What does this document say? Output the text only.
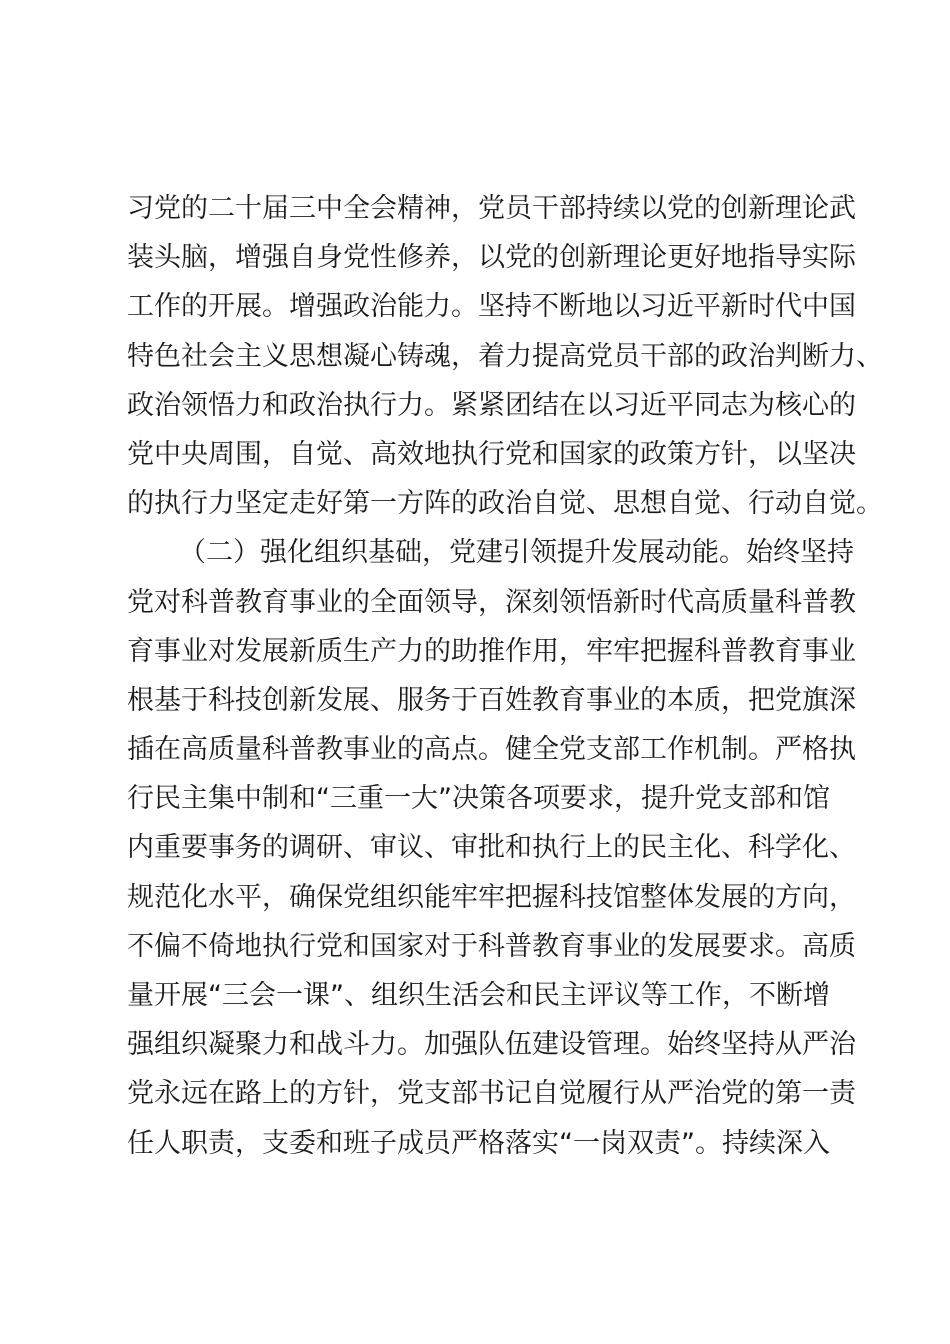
习党的二十届三中全会精神，党员干部持续以党的创新理论武
装头脑，增强自身党性修养，以党的创新理论更好地指导实际
工作的开展。增强政治能力。坚持不断地以习近平新时代中国
特色社会主义思想凝心铸魂，着力提高党员干部的政治判断力、
政治领悟力和政治执行力。紧紧团结在以习近平同志为核心的
党中央周围，自觉、高效地执行党和国家的政策方针，以坚决
的执行力坚定走好第一方阵的政治自觉、思想自觉、行动自觉。
（二）强化组织基础，党建引领提升发展动能。始终坚持
党对科普教育事业的全面领导，深刻领悟新时代高质量科普教
育事业对发展新质生产力的助推作用，牢牢把握科普教育事业
根基于科技创新发展、服务于百姓教育事业的本质，把党旗深
插在高质量科普教事业的高点。健全党支部工作机制。严格执
行民主集中制和“三重一大”决策各项要求，提升党支部和馆
内重要事务的调研、审议、审批和执行上的民主化、科学化、
规范化水平，确保党组织能牢牢把握科技馆整体发展的方向，
不偏不倚地执行党和国家对于科普教育事业的发展要求。高质
量开展“三会一课”、组织生活会和民主评议等工作，不断增
强组织凝聚力和战斗力。加强队伍建设管理。始终坚持从严治
党永远在路上的方针，党支部书记自觉履行从严治党的第一责
任人职责，支委和班子成员严格落实“一岗双责”。持续深入
